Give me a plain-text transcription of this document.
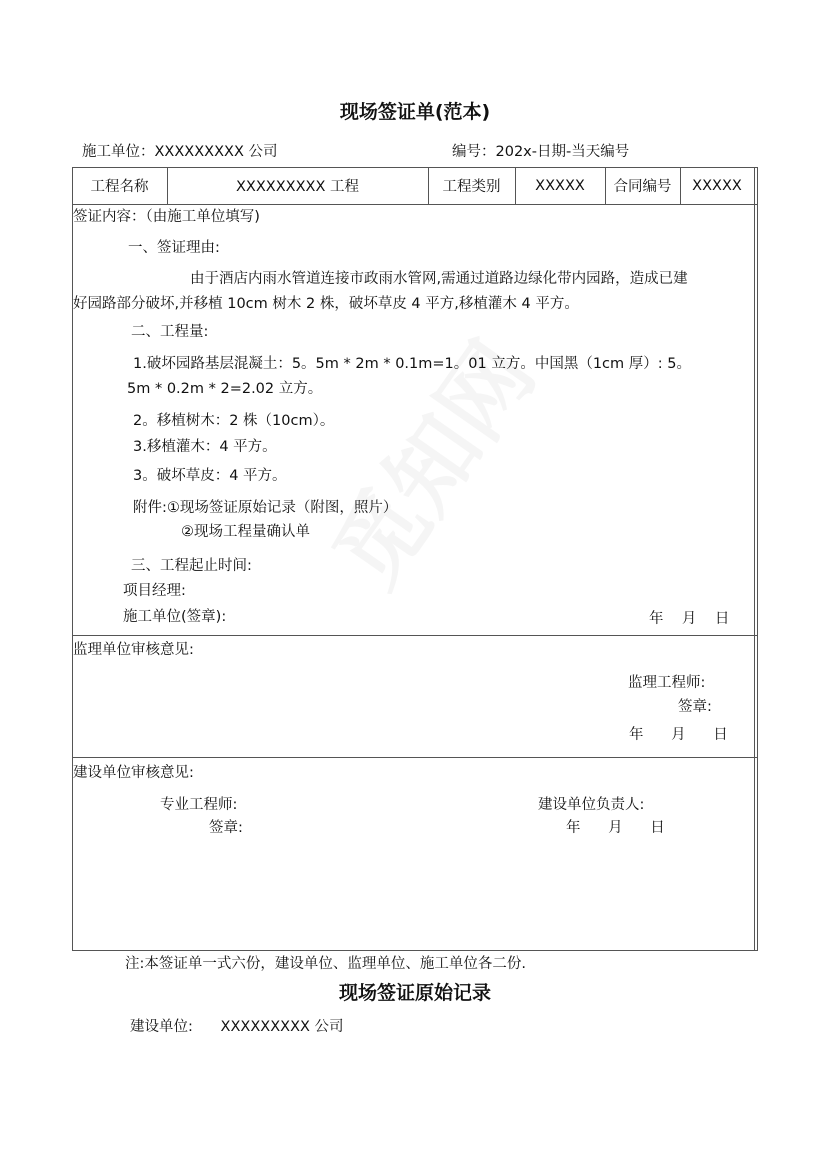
现场签证单(范本)
施工单位：XXXXXXXXX 公司	编号：202x-日期-当天编号
工程名称	XXXXXXXXX 工程	工程类别	XXXXX	合同编号	XXXXX
签证内容：（由施工单位填写)
一、签证理由:
由于酒店内雨水管道连接市政雨水管网,需通过道路边绿化带内园路，造成已建
好园路部分破坏,并移植 10cm 树木 2 株，破坏草皮 4 平方,移植灌木 4 平方。
二、工程量:
1.破坏园路基层混凝土：5。5m * 2m * 0.1m=1。01 立方。中国黑（1cm 厚）: 5。
5m * 0.2m * 2=2.02 立方。
2。移植树木：2 株（10cm）。
3.移植灌木：4 平方。
3。破坏草皮：4 平方。
附件:①现场签证原始记录（附图，照片）
②现场工程量确认单
三、工程起止时间:
项目经理:
施工单位(签章):	年    月    日
监理单位审核意见:
监理工程师:
签章:
年      月      日
建设单位审核意见:
专业工程师:
签章:
建设单位负责人:
年      月      日
注:本签证单一式六份，建设单位、监理单位、施工单位各二份.
现场签证原始记录
建设单位:      XXXXXXXXX 公司
